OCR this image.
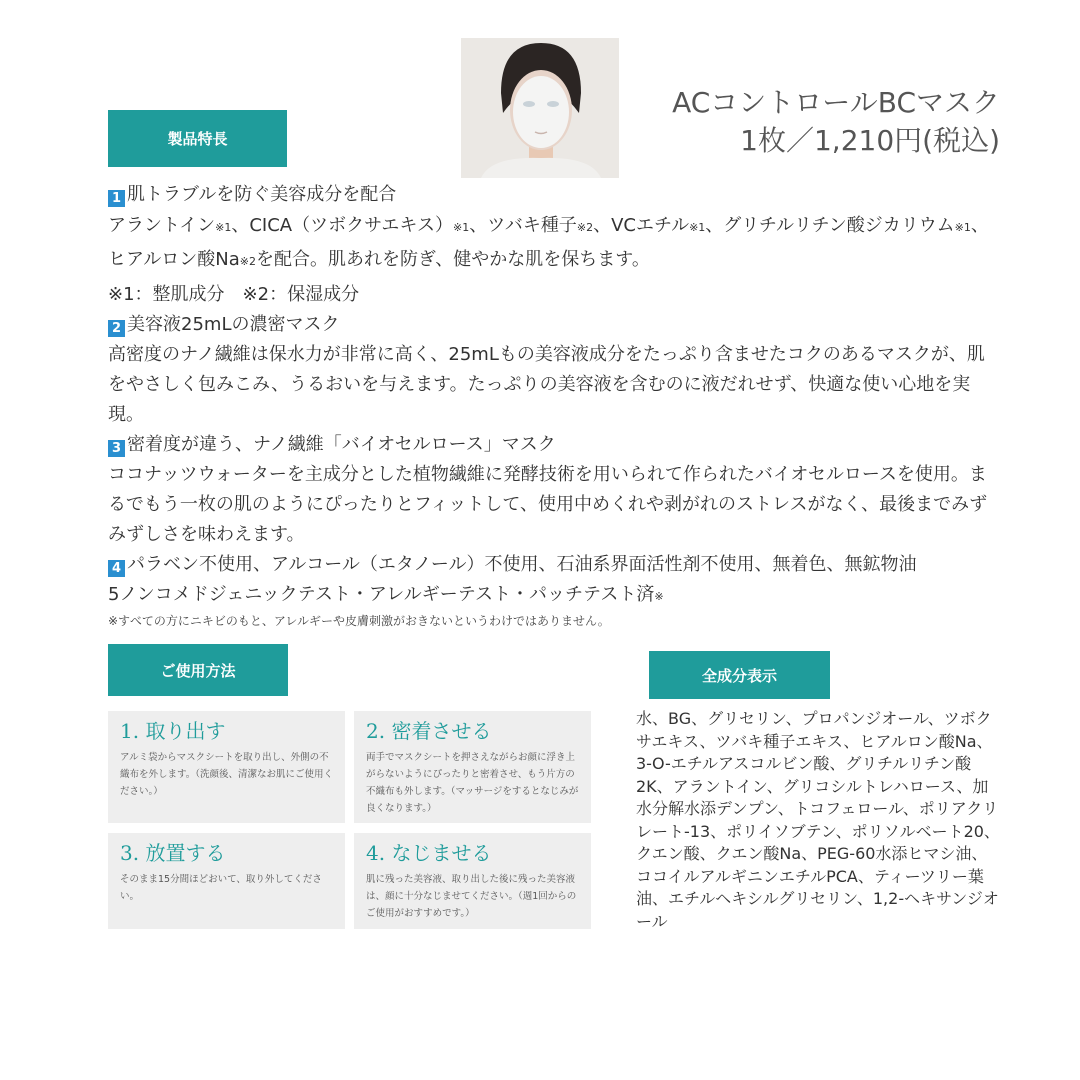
製品特長
ご使用方法	全成分表示
ACコントロールBCマスク
1枚／1,210円(税込)
1 肌トラブルを防ぐ美容成分を配合
アラントイン※1、CICA（ツボクサエキス）※1、ツバキ種子※2、VCエチル※1、グリチルリチン酸ジカリウム※1、ヒアルロン酸Na※2を配合。肌あれを防ぎ、健やかな肌を保ちます。
※1：整肌成分　※2：保湿成分
2 美容液25mLの濃密マスク
高密度のナノ繊維は保水力が非常に高く、25mLもの美容液成分をたっぷり含ませたコクのあるマスクが、肌をやさしく包みこみ、うるおいを与えます。たっぷりの美容液を含むのに液だれせず、快適な使い心地を実現。
3 密着度が違う、ナノ繊維「バイオセルロース」マスク
ココナッツウォーターを主成分とした植物繊維に発酵技術を用いられて作られたバイオセルロースを使用。まるでもう一枚の肌のようにぴったりとフィットして、使用中めくれや剥がれのストレスがなく、最後までみずみずしさを味わえます。
4 パラベン不使用、アルコール（エタノール）不使用、石油系界面活性剤不使用、無着色、無鉱物油
5ノンコメドジェニックテスト・アレルギーテスト・パッチテスト済※
※すべての方にニキビのもと、アレルギーや皮膚刺激がおきないというわけではありません。
1. 取り出す
アルミ袋からマスクシートを取り出し、外側の不織布を外します。（洗顔後、清潔なお肌にご使用ください。）
2. 密着させる
両手でマスクシートを押さえながらお顔に浮き上がらないようにぴったりと密着させ、もう片方の不織布も外します。（マッサージをするとなじみが良くなります。）
3. 放置する
そのまま15分間ほどおいて、取り外してください。
4. なじませる
肌に残った美容液、取り出した後に残った美容液は、顔に十分なじませてください。（週1回からのご使用がおすすめです。）
水、BG、グリセリン、プロパンジオール、ツボクサエキス、ツバキ種子エキス、ヒアルロン酸Na、3-O-エチルアスコルビン酸、グリチルリチン酸2K、アラントイン、グリコシルトレハロース、加水分解水添デンプン、トコフェロール、ポリアクリレート-13、ポリイソブテン、ポリソルベート20、クエン酸、クエン酸Na、PEG-60水添ヒマシ油、ココイルアルギニンエチルPCA、ティーツリー葉油、エチルヘキシルグリセリン、1,2-ヘキサンジオール
